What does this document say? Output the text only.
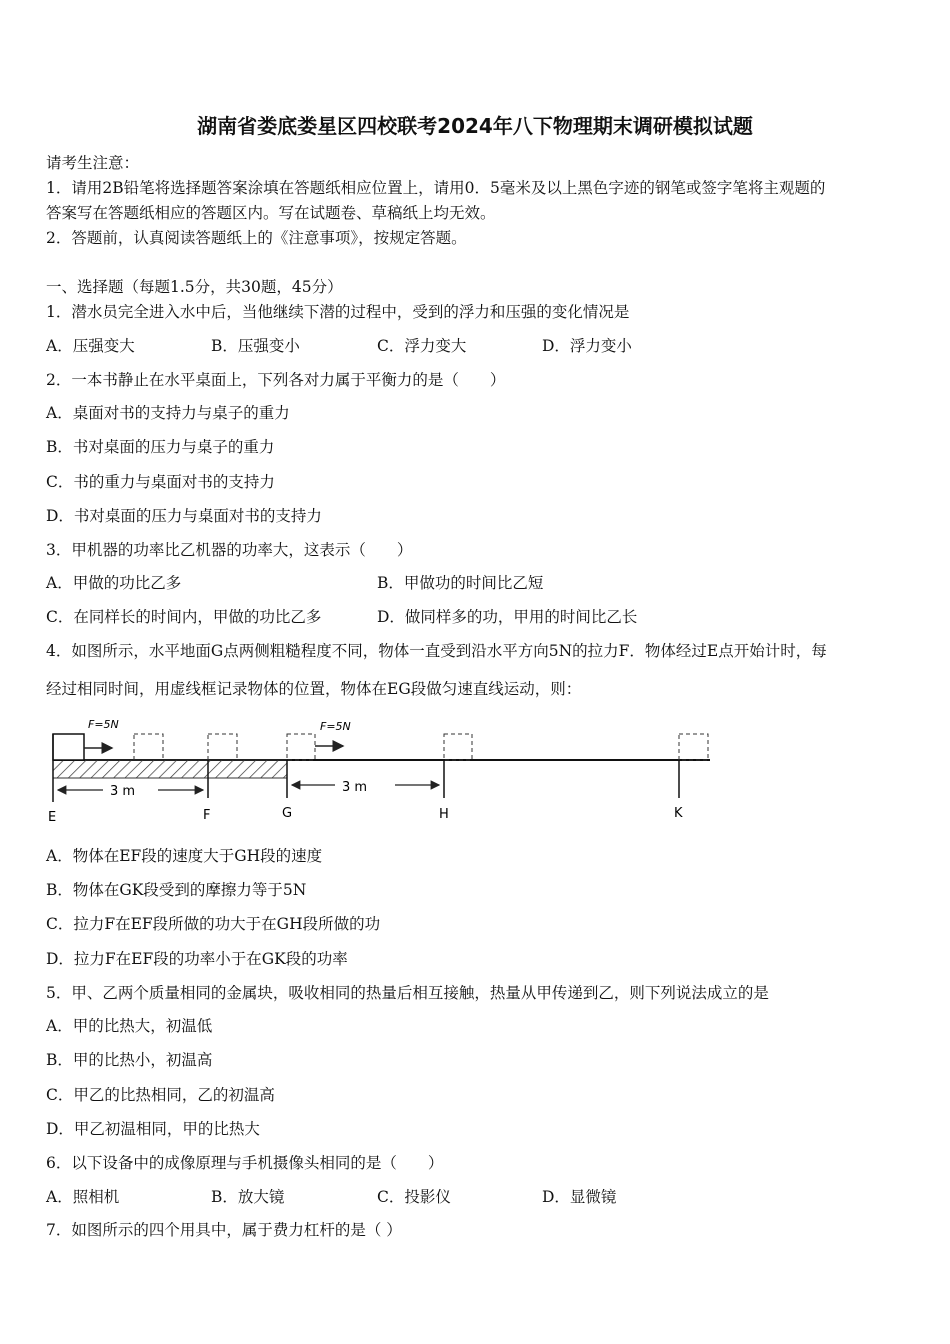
湖南省娄底娄星区四校联考2024年八下物理期末调研模拟试题
请考生注意：
1．请用2B铅笔将选择题答案涂填在答题纸相应位置上，请用0．5毫米及以上黑色字迹的钢笔或签字笔将主观题的
答案写在答题纸相应的答题区内。写在试题卷、草稿纸上均无效。
2．答题前，认真阅读答题纸上的《注意事项》，按规定答题。
一、选择题（每题1.5分，共30题，45分）
1．潜水员完全进入水中后，当他继续下潜的过程中，受到的浮力和压强的变化情况是
A．压强变大	B．压强变小	C．浮力变大	D．浮力变小
2．一本书静止在水平桌面上，下列各对力属于平衡力的是（　　）
A．桌面对书的支持力与桌子的重力
B．书对桌面的压力与桌子的重力
C．书的重力与桌面对书的支持力
D．书对桌面的压力与桌面对书的支持力
3．甲机器的功率比乙机器的功率大，这表示（　　）
A．甲做的功比乙多	B．甲做功的时间比乙短
C．在同样长的时间内，甲做的功比乙多	D．做同样多的功，甲用的时间比乙长
4．如图所示，水平地面G点两侧粗糙程度不同，物体一直受到沿水平方向5N的拉力F．物体经过E点开始计时，每
经过相同时间，用虚线框记录物体的位置，物体在EG段做匀速直线运动，则：
F=5N	F=5N
3 m	3 m
E	F	G	H	K
A．物体在EF段的速度大于GH段的速度
B．物体在GK段受到的摩擦力等于5N
C．拉力F在EF段所做的功大于在GH段所做的功
D．拉力F在EF段的功率小于在GK段的功率
5．甲、乙两个质量相同的金属块，吸收相同的热量后相互接触，热量从甲传递到乙，则下列说法成立的是
A．甲的比热大，初温低
B．甲的比热小，初温高
C．甲乙的比热相同，乙的初温高
D．甲乙初温相同，甲的比热大
6．以下设备中的成像原理与手机摄像头相同的是（　　）
A．照相机	B．放大镜	C．投影仪	D．显微镜
7．如图所示的四个用具中，属于费力杠杆的是（ ）
